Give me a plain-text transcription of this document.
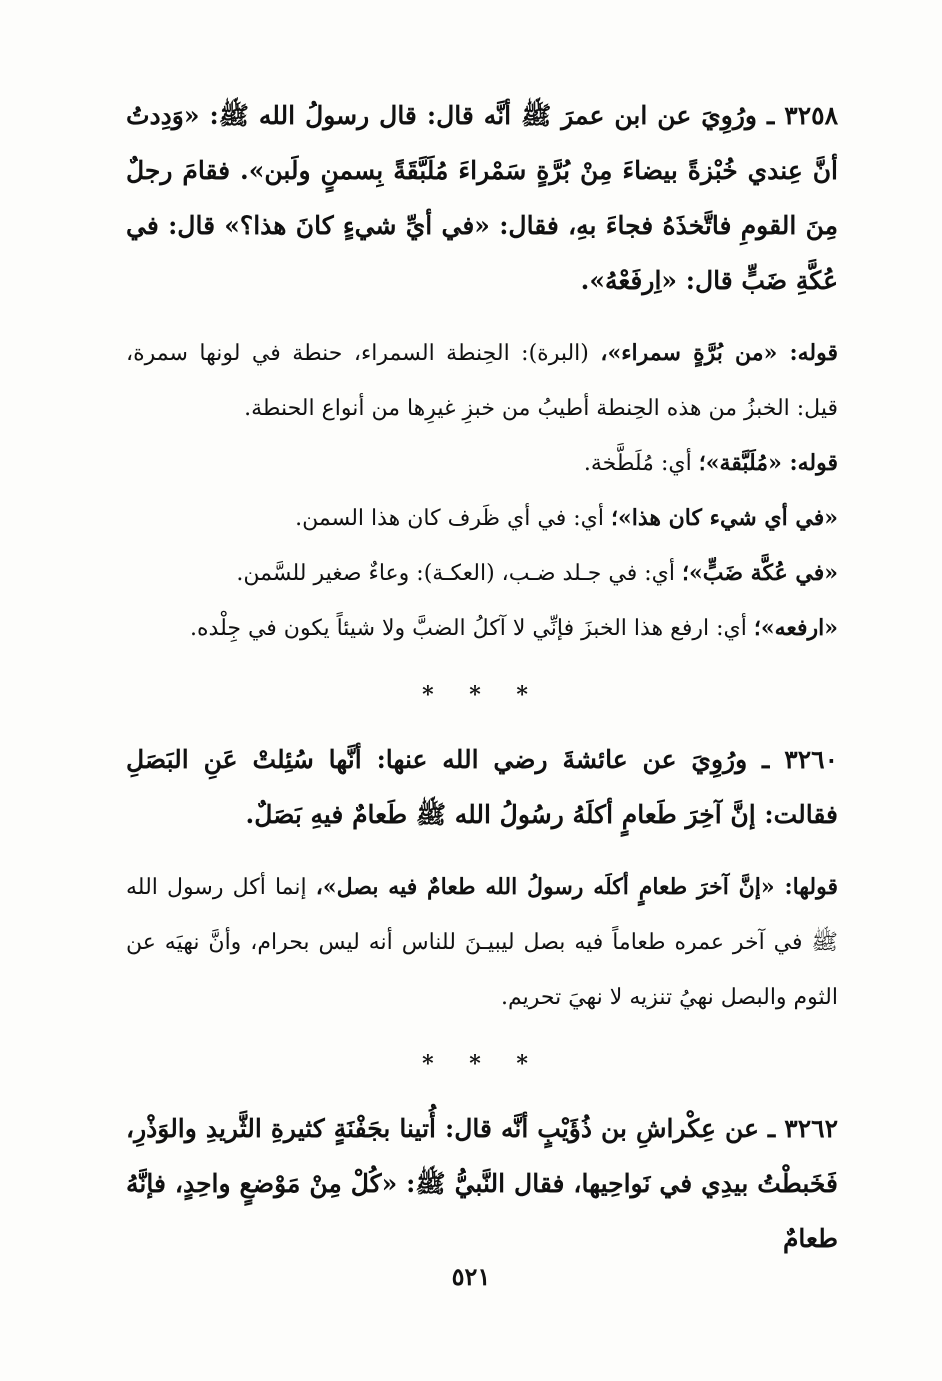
٣٢٥٨ ـ ورُوِيَ عن ابن عمرَ ﷺ أنَّه قال: قال رسولُ الله ﷺ: «وَدِدتُ أنَّ عِندي خُبْزةً بيضاءَ مِنْ بُرَّةٍ سَمْراءَ مُلَبَّقَةً بِسمنٍ ولَبن». فقامَ رجلٌ مِنَ القومِ فاتَّخذَهُ فجاءَ بهِ، فقال: «في أيِّ شيءٍ كانَ هذا؟» قال: في عُكَّةِ ضَبٍّ قال: «اِرفَعْهُ».

قوله: «من بُرَّةٍ سمراء»، (البرة): الحِنطة السمراء، حنطة في لونها سمرة، قيل: الخبزُ من هذه الحِنطة أطيبُ من خبزِ غيرِها من أنواع الحنطة.

قوله: «مُلَبَّقة»؛ أي: مُلَطَّخة.

«في أي شيء كان هذا»؛ أي: في أي ظَرف كان هذا السمن.

«في عُكَّة ضَبٍّ»؛ أي: في جـلد ضـب، (العكـة): وعاءٌ صغير للسَّمن.

«ارفعه»؛ أي: ارفع هذا الخبزَ فإنِّي لا آكلُ الضبَّ ولا شيئاً يكون في جِلْده.

* * *

٣٢٦٠ ـ ورُوِيَ عن عائشةَ رضي الله عنها: أنَّها سُئِلتْ عَنِ البَصَلِ فقالت: إنَّ آخِرَ طَعامٍ أكلَهُ رسُولُ الله ﷺ طَعامٌ فيهِ بَصَلٌ.

قولها: «إنَّ آخرَ طعامٍ أكلَه رسولُ الله طعامٌ فيه بصل»، إنما أكل رسول الله ﷺ في آخر عمره طعاماً فيه بصل ليبيـنَ للناس أنه ليس بحرام، وأنَّ نهيَه عن الثوم والبصل نهيُ تنزيه لا نهيَ تحريم.

* * *

٣٢٦٢ ـ عن عِكْراشِ بن ذُؤَيْبٍ أنَّه قال: أُتينا بجَفْنَةٍ كثيرةِ الثَّريدِ والوَذْرِ، فَخَبطْتُ بيدِي في نَواحِيها، فقال النَّبيُّ ﷺ: «كُلْ مِنْ مَوْضعٍ واحِدٍ، فإنَّهُ طعامٌ

٥٢١
